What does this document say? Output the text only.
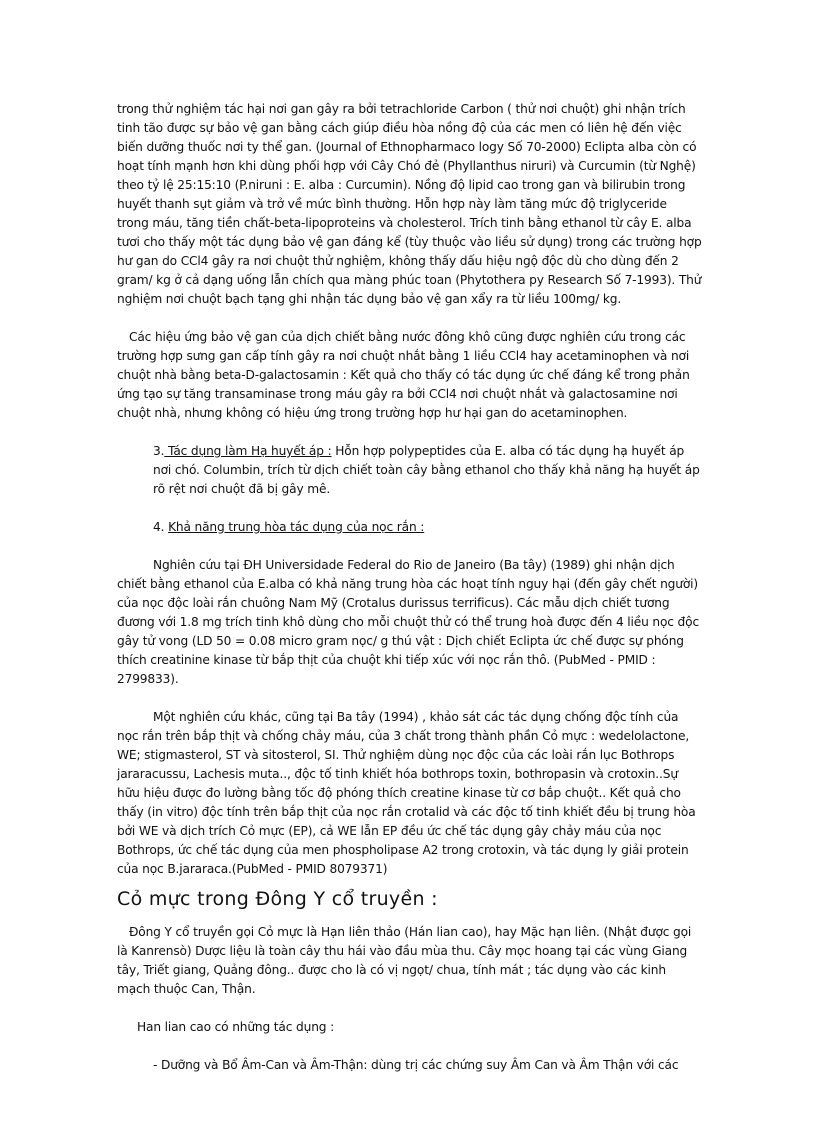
trong thử nghiệm tác hại nơi gan gây ra bởi tetrachloride Carbon ( thử nơi chuột) ghi nhận trích tinh tão được sự bảo vệ gan bằng cách giúp điều hòa nồng độ của các men có liên hệ đến việc biến dưỡng thuốc nơi ty thể gan. (Journal of Ethnopharmaco logy Số 70-2000) Eclipta alba còn có hoạt tính mạnh hơn khi dùng phối hợp với Cây Chó đẻ (Phyllanthus niruri) và Curcumin (từ Nghệ) theo tỷ lệ 25:15:10 (P.niruni : E. alba : Curcumin). Nồng độ lipid cao trong gan và bilirubin trong huyết thanh sụt giảm và trở về mức bình thường. Hỗn hợp này làm tăng mức độ triglyceride trong máu, tăng tiền chất-beta-lipoproteins và cholesterol. Trích tinh bằng ethanol từ cây E. alba tươi cho thấy một tác dụng bảo vệ gan đáng kể (tùy thuộc vào liều sử dụng) trong các trường hợp hư gan do CCl4 gây ra nơi chuột thử nghiệm, không thấy dấu hiệu ngộ độc dù cho dùng đến 2 gram/ kg ở cả dạng uống lẫn chích qua màng phúc toan (Phytothera py Research Số 7-1993). Thử nghiệm nơi chuột bạch tạng ghi nhận tác dụng bảo vệ gan xẩy ra từ liều 100mg/ kg.

Các hiệu ứng bảo vệ gan của dịch chiết bằng nước đông khô cũng được nghiên cứu trong các trường hợp sưng gan cấp tính gây ra nơi chuột nhắt bằng 1 liều CCl4 hay acetaminophen và nơi chuột nhà bằng beta-D-galactosamin : Kết quả cho thấy có tác dụng ức chế đáng kể trong phản ứng tạo sự tăng transaminase trong máu gây ra bởi CCl4 nơi chuột nhắt và galactosamine nơi chuột nhà, nhưng không có hiệu ứng trong trường hợp hư hại gan do acetaminophen.

3. Tác dụng làm Hạ huyết áp : Hỗn hợp polypeptides của E. alba có tác dụng hạ huyết áp nơi chó. Columbin, trích từ dịch chiết toàn cây bằng ethanol cho thấy khả năng hạ huyết áp rõ rệt nơi chuột đã bị gây mê.

4. Khả năng trung hòa tác dụng của nọc rắn :

Nghiên cứu tại ĐH Universidade Federal do Rio de Janeiro (Ba tây) (1989) ghi nhận dịch chiết bằng ethanol của E.alba có khả năng trung hòa các hoạt tính nguy hại (đến gây chết người) của nọc độc loài rắn chuông Nam Mỹ (Crotalus durissus terrificus). Các mẫu dịch chiết tương đương với 1.8 mg trích tinh khô dùng cho mỗi chuột thử có thể trung hoà được đến 4 liều nọc độc gây tử vong (LD 50 = 0.08 micro gram nọc/ g thú vật : Dịch chiết Eclipta ức chế được sự phóng thích creatinine kinase từ bắp thịt của chuột khi tiếp xúc với nọc rắn thô. (PubMed - PMID : 2799833).

Một nghiên cứu khác, cũng tại Ba tây (1994) , khảo sát các tác dụng chống độc tính của nọc rắn trên bắp thịt và chống chảy máu, của 3 chất trong thành phần Cỏ mực : wedelolactone, WE; stigmasterol, ST và sitosterol, SI. Thử nghiệm dùng nọc độc của các loài rắn lục Bothrops jararacussu, Lachesis muta.., độc tố tinh khiết hóa bothrops toxin, bothropasin và crotoxin..Sự hữu hiệu được đo lường bằng tốc độ phóng thích creatine kinase từ cơ bắp chuột.. Kết quả cho thấy (in vitro) độc tính trên bắp thịt của nọc rắn crotalid và các độc tố tinh khiết đều bị trung hòa bởi WE và dịch trích Cỏ mực (EP), cả WE lẫn EP đều ức chế tác dụng gây chảy máu của nọc Bothrops, ức chế tác dụng của men phospholipase A2 trong crotoxin, và tác dụng ly giải protein của nọc B.jararaca.(PubMed - PMID 8079371)

Cỏ mực trong Đông Y cổ truyền :

Đông Y cổ truyền gọi Cỏ mực là Hạn liên thảo (Hán lian cao), hay Mặc hạn liên. (Nhật được gọi là Kanrensò) Dược liệu là toàn cây thu hái vào đầu mùa thu. Cây mọc hoang tại các vùng Giang tây, Triết giang, Quảng đông.. được cho là có vị ngọt/ chua, tính mát ; tác dụng vào các kinh mạch thuộc Can, Thận.

Han lian cao có những tác dụng :

- Dưỡng và Bổ Âm-Can và Âm-Thận: dùng trị các chứng suy Âm Can và Âm Thận với các
